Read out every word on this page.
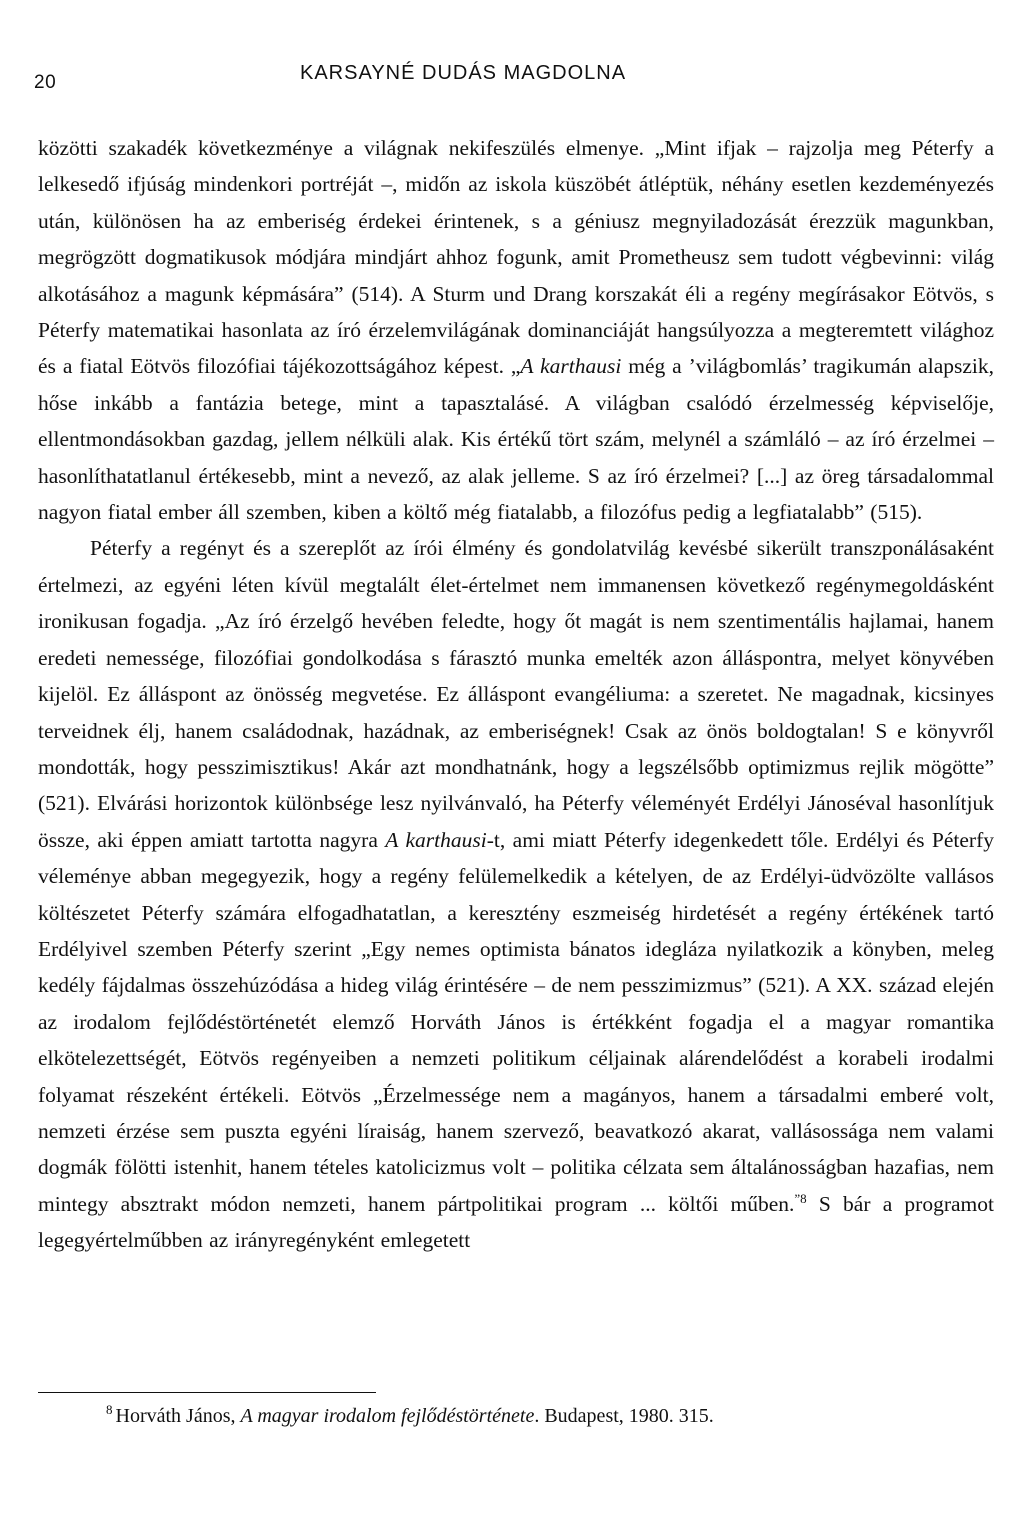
20	KARSAYNÉ DUDÁS MAGDOLNA

közötti szakadék következménye a világnak nekifeszülés elmenye. „Mint ifjak – rajzolja meg Péterfy a lelkesedő ifjúság mindenkori portréját –, midőn az iskola küszöbét átléptük, néhány esetlen kezdeményezés után, különösen ha az emberiség érdekei érintenek, s a géniusz megnyiladozását érezzük magunkban, megrögzött dogmatikusok módjára mindjárt ahhoz fogunk, amit Prometheusz sem tudott végbevinni: világ alkotásához a magunk képmására” (514). A Sturm und Drang korszakát éli a regény megírásakor Eötvös, s Péterfy matematikai hasonlata az író érzelemvilágának dominanciáját hangsúlyozza a megteremtett világhoz és a fiatal Eötvös filozófiai tájékozottságához képest. „A karthausi még a ’világbomlás’ tragikumán alapszik, hőse inkább a fantázia betege, mint a tapasztalásé. A világban csalódó érzelmesség képviselője, ellentmondásokban gazdag, jellem nélküli alak. Kis értékű tört szám, melynél a számláló – az író érzelmei – hasonlíthatatlanul értékesebb, mint a nevező, az alak jelleme. S az író érzelmei? [...] az öreg társadalommal nagyon fiatal ember áll szemben, kiben a költő még fiatalabb, a filozófus pedig a legfiatalabb” (515).

Péterfy a regényt és a szereplőt az írói élmény és gondolatvilág kevésbé sikerült transzponálásaként értelmezi, az egyéni léten kívül megtalált élet-értelmet nem immanensen következő regénymegoldásként ironikusan fogadja. „Az író érzelgő hevében feledte, hogy őt magát is nem szentimentális hajlamai, hanem eredeti nemessége, filozófiai gondolkodása s fárasztó munka emelték azon álláspontra, melyet könyvében kijelöl. Ez álláspont az önösség megvetése. Ez álláspont evangéliuma: a szeretet. Ne magadnak, kicsinyes terveidnek élj, hanem családodnak, hazádnak, az emberiségnek! Csak az önös boldogtalan! S e könyvről mondották, hogy pesszimisztikus! Akár azt mondhatnánk, hogy a legszélsőbb optimizmus rejlik mögötte” (521). Elvárási horizontok különbsége lesz nyilvánvaló, ha Péterfy véleményét Erdélyi Jánoséval hasonlítjuk össze, aki éppen amiatt tartotta nagyra A karthausi-t, ami miatt Péterfy idegenkedett tőle. Erdélyi és Péterfy véleménye abban megegyezik, hogy a regény felülemelkedik a kételyen, de az Erdélyi-üdvözölte vallásos költészetet Péterfy számára elfogadhatatlan, a keresztény eszmeiség hirdetését a regény értékének tartó Erdélyivel szemben Péterfy szerint „Egy nemes optimista bánatos idegláza nyilatkozik a könyben, meleg kedély fájdalmas összehúzódása a hideg világ érintésére – de nem pesszimizmus” (521). A XX. század elején az irodalom fejlődéstörténetét elemző Horváth János is értékként fogadja el a magyar romantika elkötelezettségét, Eötvös regényeiben a nemzeti politikum céljainak alárendelődést a korabeli irodalmi folyamat részeként értékeli. Eötvös „Érzelmessége nem a magányos, hanem a társadalmi emberé volt, nemzeti érzése sem puszta egyéni líraiság, hanem szervező, beavatkozó akarat, vallásossága nem valami dogmák fölötti istenhit, hanem tételes katolicizmus volt – politika célzata sem általánosságban hazafias, nem mintegy absztrakt módon nemzeti, hanem pártpolitikai program ... költői műben.$^{”8}$ S bár a programot legegyértelműbben az irányregényként emlegetett

$^8$ Horváth János, A magyar irodalom fejlődéstörténete. Budapest, 1980. 315.
